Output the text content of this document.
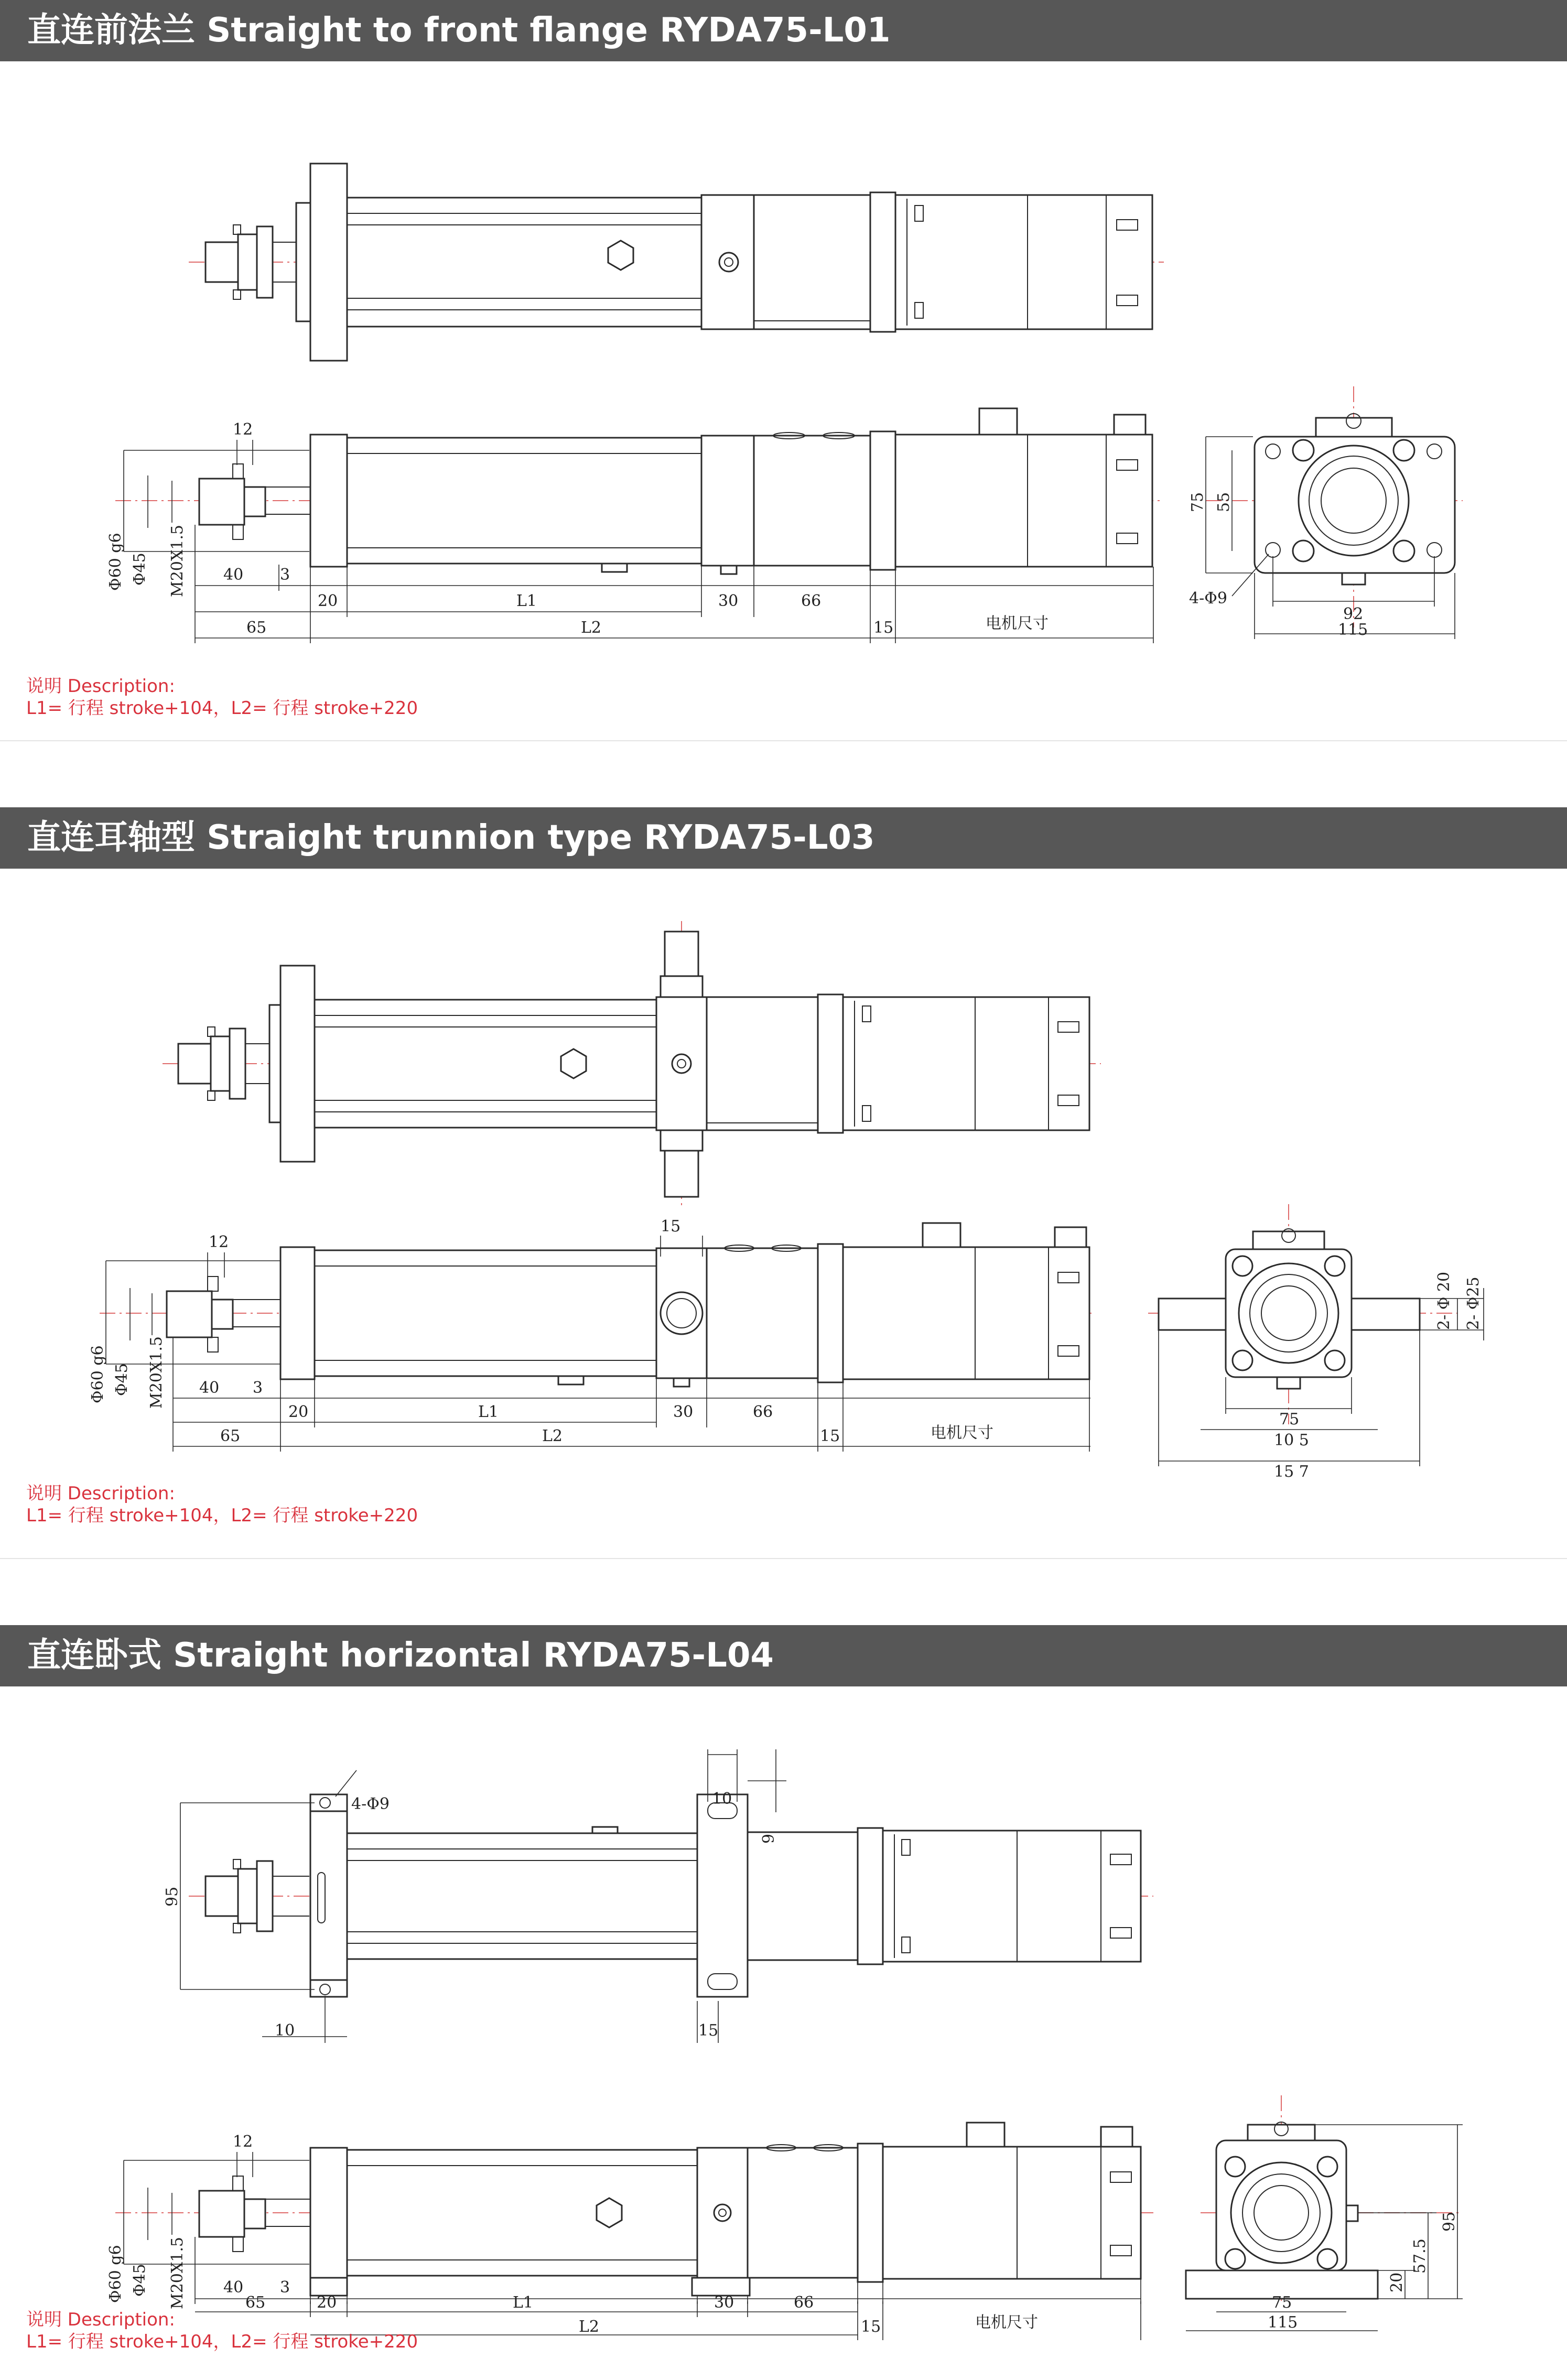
直连前法兰 Straight to front flange RYDA75-L01
12
Φ60 g6 Φ45 M20X1.5 40 3
20	L1	30	66
65	L2	15	电机尺寸
75 55
4-Φ9
92
115
说明 Description:
L1= 行程 stroke+104，L2= 行程 stroke+220
直连耳轴型 Straight trunnion type RYDA75-L03
12
15
Φ60 g6 Φ45 M20X1.5 40 3
20	L1	30	66
65	L2	15	电机尺寸
75
10 5
15 7
2- Φ 20 2- Φ25
说明 Description:
L1= 行程 stroke+104，L2= 行程 stroke+220
直连卧式 Straight horizontal RYDA75-L04
4-Φ9	10
9
95
10	15
12
Φ60 g6 Φ45 M20X1.5 40 3	20
57.5
95
65	20	L1	30	66
L2	15	电机尺寸
75
115
说明 Description:
L1= 行程 stroke+104，L2= 行程 stroke+220
